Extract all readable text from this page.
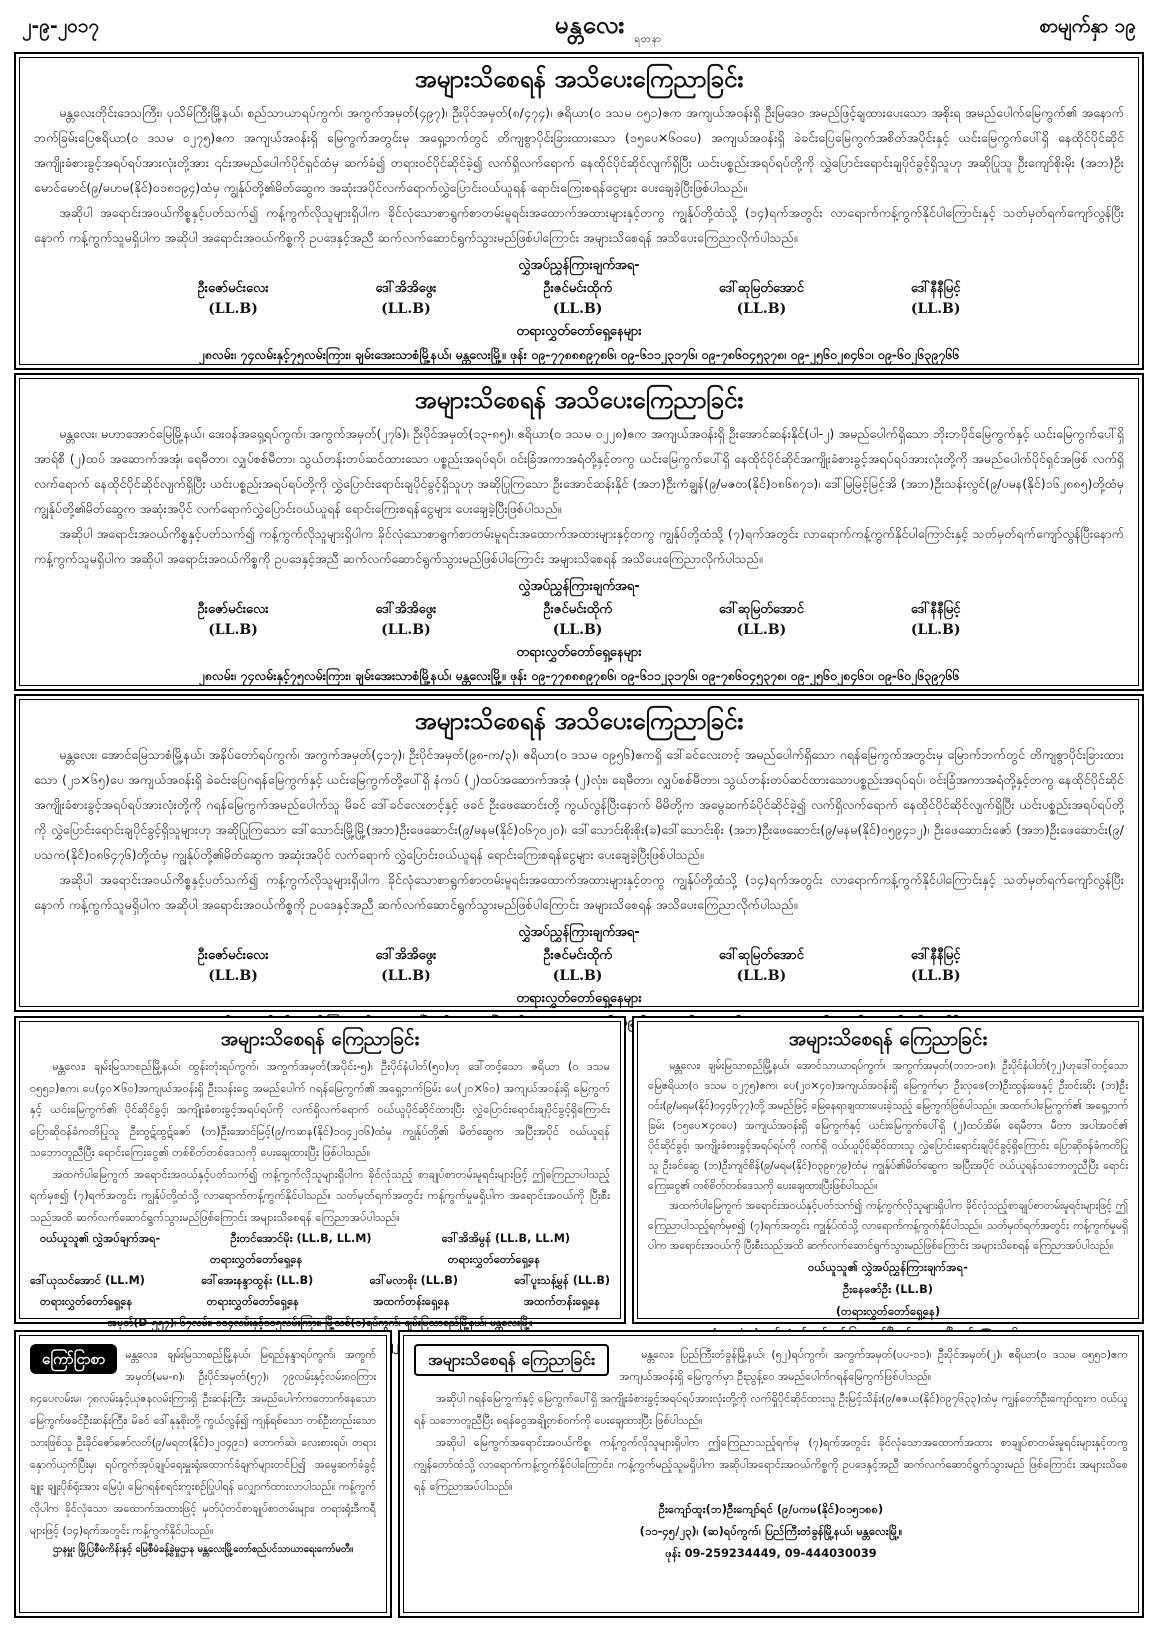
၂-၉-၂၀၁၇	မန္တလေး
ရတနာ
စာမျက်နှာ ၁၉
အများသိစေရန် အသိပေးကြေညာခြင်း

မန္တလေးတိုင်းဒေသကြီး၊ ပုသိမ်ကြီးမြို့နယ်၊ စည်သာယာရပ်ကွက်၊ အကွက်အမှတ်(၄၉၇)၊ ဦးပိုင်အမှတ်(၈/၄၇၄)၊ ဇရိယာ(၀ ဒသမ ၀၅၁)ဧက အကျယ်အဝန်းရှိ ဦးမြဒေဝ အမည်ဖြင့်ချထားပေးသော အစိုးရ အမည်ပေါက်မြေကွက်၏ အနောက်ဘက်ခြမ်းပြေဧရိယာ(၀ ဒသမ ၀၂၇၅)ဧက အကျယ်အဝန်းရှိ မြေကွက်အတွင်းမှ အရှေ့ဘက်တွင် တိကျစွာပိုင်းခြားထားသော (၁၅ပေ×၆၀ပေ) အကျယ်အဝန်းရှိ ခဲခင်းပြေမြေကွက်အစိတ်အပိုင်းနှင့် ယင်းမြေကွက်ပေါ်ရှိ နေထိုင်ပိုင်ဆိုင်အကျိုးခံစားခွင့်အရပ်ရပ်အားလုံးတို့အား ၎င်းအမည်ပေါက်ပိုင်ရှင်ထံမှ ဆက်ခံ၍ တရားဝင်ပိုင်ဆိုင်ခဲ့၍ လက်ရှိလက်ရောက် နေထိုင်ပိုင်ဆိုင်လျက်ရှိပြီး ယင်းပစ္စည်းအရပ်ရပ်တို့ကို လွှဲပြောင်းရောင်းချပိုင်ခွင့်ရှိသူဟု အဆိုပြုသူ ဦးကျော်စိုးမိုး (အဘ)ဦးမောင်မောင်(၉/မဟမ(နိုင်)၀၁၈၁၉၄)ထံမှ ကျွန်ုပ်တို့၏မိတ်ဆွေက အဆုံးအပိုင်လက်ရောက်လွှဲပြောင်းဝယ်ယူရန် ရောင်းကြေးစရန်ငွေများ ပေးချေခဲ့ပြီးဖြစ်ပါသည်။

အဆိုပါ အရောင်းအဝယ်ကိစ္စနှင့်ပတ်သက်၍ ကန့်ကွက်လိုသူများရှိပါက ခိုင်လုံသောစာရွက်စာတမ်းမူရင်းအထောက်အထားများနှင့်တကွ ကျွန်ုပ်တို့ထံသို့ (၁၄)ရက်အတွင်း လာရောက်ကန့်ကွက်နိုင်ပါကြောင်းနှင့် သတ်မှတ်ရက်ကျော်လွန်ပြီးနောက် ကန့်ကွက်သူမရှိပါက အဆိုပါ အရောင်းအဝယ်ကိစ္စကို ဥပဒေနှင့်အညီ ဆက်လက်ဆောင်ရွက်သွားမည်ဖြစ်ပါကြောင်း အများသိစေရန် အသိပေးကြေညာလိုက်ပါသည်။

လွှဲအပ်ညွှန်ကြားချက်အရ-
ဦးဇော်မင်းလေး
(LL.B)
ဒေါ်အိအိဖွေး
(LL.B)
ဦးဇင်မင်းထိုက်
(LL.B)
ဒေါ်ဆုမြတ်အောင်
(LL.B)
ဒေါ်နီနီမြင့်
(LL.B)
တရားလွှတ်တော်ရှေ့နေများ
၂၈လမ်း၊ ၇၄လမ်းနှင့်၇၅လမ်းကြား၊ ချမ်းအေးသာစံမြို့နယ်၊ မန္တလေးမြို့။ ဖုန်း ၀၉-၇၇၈၈၈၉၇၈၆၊ ၀၉-၆၁၁၂၃၁၇၆၊ ၀၉-၇၈၆၀၄၅၃၇၈၊ ၀၉-၂၅၆၀၂၈၄၆၁၊ ၀၉-၆၀၂၆၃၉၇၆၆
အများသိစေရန် အသိပေးကြေညာခြင်း

မန္တလေး၊ မဟာအောင်မြေမြို့နယ်၊ ဒေးဝန်အရှေ့ရပ်ကွက်၊ အကွက်အမှတ်(၂၇၆)၊ ဦးပိုင်အမှတ်(၁၃-၈၅)၊ ဧရိယာ(၀ ဒသမ ၀၂၂၈)ဧက အကျယ်အဝန်းရှိ ဦးအောင်ဆန်းနိုင်(ပါ-၂) အမည်ပေါက်ရှိသော ဘိုးဘပိုင်မြေကွက်နှင့် ယင်းမြေကွက်ပေါ်ရှိ အာရ်စီ (၂)ထပ် အဆောက်အအုံ၊ ရေမီတာ၊ လျှပ်စစ်မီတာ၊ သွယ်တန်းတပ်ဆင်ထားသော ပစ္စည်းအရပ်ရပ်၊ ဝင်းခြံအကာအရံတို့နှင့်တကွ ယင်းမြေကွက်ပေါ်ရှိ နေထိုင်ပိုင်ဆိုင်အကျိုးခံစားခွင့်အရပ်ရပ်အားလုံးတို့ကို အမည်ပေါက်ပိုင်ရှင်အဖြစ် လက်ရှိလက်ရောက် နေထိုင်ပိုင်ဆိုင်လျက်ရှိပြီး ယင်းပစ္စည်းအရပ်ရပ်တို့ကို လွှဲပြောင်းရောင်းချပိုင်ခွင့်ရှိသူဟု အဆိုပြုကြသော ဦးအောင်ဆန်းနိုင် (အဘ)ဦးကံချွန်(၉/မဇတ(နိုင်)၀၈၆၈၇၁)၊ ဒေါ်မြမြင့်မြင့်အိ (အဘ)ဦးသန်းလွင်(၉/ပမန(နိုင်)၁၆၂၈၈၅)တို့ထံမှ ကျွန်ုပ်တို့၏မိတ်ဆွေက အဆုံးအပိုင် လက်ရောက်လွှဲပြောင်းဝယ်ယူရန် ရောင်းကြေးစရန်ငွေများ ပေးချေခဲ့ပြီးဖြစ်ပါသည်။

အဆိုပါ အရောင်းအဝယ်ကိစ္စနှင့်ပတ်သက်၍ ကန့်ကွက်လိုသူများရှိပါက ခိုင်လုံသောစာရွက်စာတမ်းမူရင်းအထောက်အထားများနှင့်တကွ ကျွန်ုပ်တို့ထံသို့ (၇)ရက်အတွင်း လာရောက်ကန့်ကွက်နိုင်ပါကြောင်းနှင့် သတ်မှတ်ရက်ကျော်လွန်ပြီးနောက် ကန့်ကွက်သူမရှိပါက အဆိုပါ အရောင်းအဝယ်ကိစ္စကို ဥပဒေနှင့်အညီ ဆက်လက်ဆောင်ရွက်သွားမည်ဖြစ်ပါကြောင်း အများသိစေရန် အသိပေးကြေညာလိုက်ပါသည်။

လွှဲအပ်ညွှန်ကြားချက်အရ-
ဦးဇော်မင်းလေး
(LL.B)
ဒေါ်အိအိဖွေး
(LL.B)
ဦးဇင်မင်းထိုက်
(LL.B)
ဒေါ်ဆုမြတ်အောင်
(LL.B)
ဒေါ်နီနီမြင့်
(LL.B)
တရားလွှတ်တော်ရှေ့နေများ
၂၈လမ်း၊ ၇၄လမ်းနှင့်၇၅လမ်းကြား၊ ချမ်းအေးသာစံမြို့နယ်၊ မန္တလေးမြို့။ ဖုန်း ၀၉-၇၇၈၈၈၉၇၈၆၊ ၀၉-၆၁၁၂၃၁၇၆၊ ၀၉-၇၈၆၀၄၅၃၇၈၊ ၀၉-၂၅၆၀၂၈၄၆၁၊ ၀၉-၆၀၂၆၃၉၇၆၆
အများသိစေရန် အသိပေးကြေညာခြင်း

မန္တလေး၊ အောင်မြေသာစံမြို့နယ်၊ အနိပ်တော်ရပ်ကွက်၊ အကွက်အမှတ်(၄၁၇)၊ ဦးပိုင်အမှတ်(၉၈-က/၃)၊ ဧရိယာ(၀ ဒသမ ၀၉၅၆)ဧကရှိ ဒေါ်ခင်လေးတင့် အမည်ပေါက်ရှိသော ဂရန်မြေကွက်အတွင်းမှ မြောက်ဘက်တွင် တိကျစွာပိုင်းခြားထားသော (၂၁×၆၅)ပေ အကျယ်အဝန်းရှိ ခဲခင်းပြေဂရန်မြေကွက်နှင့် ယင်းမြေကွက်တို့ပေါ်ရှိ နံကပ် (၂)ထပ်အဆောက်အအုံ (၂)လုံး၊ ရေမီတာ၊ လျှပ်စစ်မီတာ၊ သွယ်တန်းတပ်ဆင်ထားသောပစ္စည်းအရပ်ရပ်၊ ဝင်းခြံအကာအရံတို့နှင့်တကွ နေထိုင်ပိုင်ဆိုင်အကျိုးခံစားခွင့်အရပ်ရပ်အားလုံးတို့ကို ဂရန်မြေကွက်အမည်ပေါက်သူ မိခင် ဒေါ်ခင်လေးတင့်နှင့် ဖခင် ဦးဖေဆောင်းတို့ ကွယ်လွန်ပြီးနောက် မိမိတို့က အမွေဆက်ခံပိုင်ဆိုင်ခဲ့၍ လက်ရှိလက်ရောက် နေထိုင်ပိုင်ဆိုင်လျက်ရှိပြီး ယင်းပစ္စည်းအရပ်ရပ်တို့ကို လွှဲပြောင်းရောင်းချပိုင်ခွင့်ရှိသူများဟု အဆိုပြုကြသော ဒေါ်သောင်းမြို့မြို့(အဘ)ဦးဖေဆောင်း(၉/မနမ(နိုင်)၀၆၇၀၂၀)၊ ဒေါ်သောင်းစိုးစိုး(ခ)ဒေါ်သောင်းစိုး (အဘ)ဦးဖေဆောင်း(၉/မနမ(နိုင်)၀၅၉၄၁၂)၊ ဦးဖေဆောင်းဇော် (အဘ)ဦးဖေဆောင်း(၉/ပသက(နိုင်)၀၈၆၄၇၆)တို့ထံမှ ကျွန်ုပ်တို့၏မိတ်ဆွေက အဆုံးအပိုင် လက်ရောက် လွှဲပြောင်းဝယ်ယူရန် ရောင်းကြေးစရန်ငွေများ ပေးချေခဲ့ပြီးဖြစ်ပါသည်။

အဆိုပါ အရောင်းအဝယ်ကိစ္စနှင့်ပတ်သက်၍ ကန့်ကွက်လိုသူများရှိပါက ခိုင်လုံသောစာရွက်စာတမ်းမူရင်းအထောက်အထားများနှင့်တကွ ကျွန်ုပ်တို့ထံသို့ (၁၄)ရက်အတွင်း လာရောက်ကန့်ကွက်နိုင်ပါကြောင်းနှင့် သတ်မှတ်ရက်ကျော်လွန်ပြီးနောက် ကန့်ကွက်သူမရှိပါက အဆိုပါ အရောင်းအဝယ်ကိစ္စကို ဥပဒေနှင့်အညီ ဆက်လက်ဆောင်ရွက်သွားမည်ဖြစ်ပါကြောင်း အများသိစေရန် အသိပေးကြေညာလိုက်ပါသည်။

လွှဲအပ်ညွှန်ကြားချက်အရ-
ဦးဇော်မင်းလေး
(LL.B)
ဒေါ်အိအိဖွေး
(LL.B)
ဦးဇင်မင်းထိုက်
(LL.B)
ဒေါ်ဆုမြတ်အောင်
(LL.B)
ဒေါ်နီနီမြင့်
(LL.B)
တရားလွှတ်တော်ရှေ့နေများ
အများသိစေရန် ကြေညာခြင်း

မန္တလေး၊ ချမ်းမြသာစည်မြို့နယ်၊ ထွန်းတုံးရပ်ကွက်၊ အကွက်အမှတ်(အပိုင်း-၅)၊ ဦးပိုင်နံပါတ်(၅၀)ဟု ဒေါ်တင့်သော ဇရိယာ (၀ ဒသမ ၀၅၅၁)ဧက၊ ပေ(၄၀×၆၀)အကျယ်အဝန်းရှိ ဦးသန်းငွေ အမည်ပေါက် ဂရန်မြေကွက်၏ အရှေ့ဘက်ခြမ်း ပေ(၂၀×၆၀) အကျယ်အဝန်းရှိ မြေကွက်နှင့် ယင်းမြေကွက်၏ ပိုင်ဆိုင်ခွင့်၊ အကျိုးခံစားခွင့်အရပ်ရပ်ကို လက်ရှိလက်ရောက် ဝယ်ယူပိုင်ဆိုင်ထားပြီး လွှဲပြောင်းရောင်းချပိုင်ခွင့်ရှိကြောင်း ပြောဆိုဝန်ခံကတိပြုသူ ဦးထွဋ်ထွဋ်ဇော် (ဘ)ဦးအောင်မြင့်(၉/ကဆန(နိုင်)၁၀၄၂၀၆)ထံမှ ကျွန်ုပ်တို့၏ မိတ်ဆွေက အပြီးအပိုင် ဝယ်ယူရန် သဘောတူညီပြီး ရောင်းကြေးငွေ၏ တစ်စိတ်တစ်ဒေသကို ပေးချေထားပြီး ဖြစ်ပါသည်။

အထက်ပါမြေကွက် အရောင်းအဝယ်နှင့်ပတ်သက်၍ ကန့်ကွက်လိုသူများရှိပါက ခိုင်လုံသည့် စာချုပ်စာတမ်းမူရင်းများဖြင့် ဤကြေညာပါသည့်ရက်မှစ၍ (၇)ရက်အတွင်း ကျွန်ုပ်တို့ထံသို့ လာရောက်ကန့်ကွက်နိုင်ပါသည်။ သတ်မှတ်ရက်အတွင်း ကန့်ကွက်မှုမရှိပါက အရောင်းအဝယ်ကို ပြီးစီးသည်အထိ ဆက်လက်ဆောင်ရွက်သွားမည်ဖြစ်ကြောင်း အများသိစေရန် ကြေညာအပ်ပါသည်။

ဝယ်ယူသူ၏ လွှဲအပ်ချက်အရ-	ဦးတင်အောင်မိုး (LL.B, LL.M)	ဒေါ်အိအိမွန် (LL.B, LL.M)
တရားလွှတ်တော်ရှေ့နေ	တရားလွှတ်တော်ရှေ့နေ
ဒေါ်ယုသင်အောင် (LL.M)	ဒေါ်အေးနန္ဒာထွန်း (LL.B)	ဒေါ်မလာစိုး (LL.B)	ဒေါ်ပူးသန့်မွန် (LL.B)
တရားလွှတ်တော်ရှေ့နေ	တရားလွှတ်တော်ရှေ့နေ	အထက်တန်းရှေ့နေ	အထက်တန်းရှေ့နေ
အမှတ်(D-၅၅၇)၊ ၆၇လမ်း၊ ၁၀၄လမ်းနှင့်၁၀၅လမ်းကြား၊ မြို့သစ်(၁)ရပ်ကွက်၊ ချမ်းမြသာစည်မြို့နယ်၊ မန္တလေးမြို့။
အများသိစေရန် ကြေညာခြင်း

မန္တလေး၊ ချမ်းမြသာစည်မြို့နယ်၊ အောင်သာယာရပ်ကွက်၊ အကွက်အမှတ်(ဘဘ-၁၈)၊ ဦးပိုင်နံပါတ်(၇၂)ဟုဒေါ်တင့်သော မြေဧရိယာ(၀ ဒသမ ၀၂၇၅)ဧက၊ ပေ(၂၀×၄၀)အကျယ်အဝန်းရှိ မြေကွက်မှာ ဦးလှဖေ(ဘ)ဦးထွန်းဖေနှင့် ဦးဝင်းဆိုး (ဘ)ဦးဝင်း(၉/မရမ(နိုင်)၀၄၄၆၇၇)တို့ အမည်ဖြင့် မြေနေရာချထားပေးခဲ့သည့် မြေကွက်ဖြစ်ပါသည်။ အထက်ပါမြေကွက်၏ အရှေ့ဘက်ခြမ်း (၁၅ပေ×၄၀ပေ) အကျယ်အဝန်းရှိ မြေကွက်နှင့် ယင်းမြေကွက်ပေါ်ရှိ (၂)ထပ်အိမ်၊ ရေမီတာ၊ မီတာ အပါအဝင်၏ ပိုင်ဆိုင်ခွင့်၊ အကျိုးခံစားခွင့်အရပ်ရပ်ကို လက်ရှိ ဝယ်ယူပိုင်ဆိုင်ထားသူ လွှဲပြောင်းရောင်းချပိုင်ခွင့်ရှိကြောင်း ပြောဆိုဝန်ခံကတိပြုသူ ဦးခင်ဆွေ (ဘ)ဦးကျင်စိန်(၉/မရမ(နိုင်)၀၃၉၈၇၉)ထံမှ ကျွန်ုပ်၏မိတ်ဆွေက အပြီးအပိုင် ဝယ်ယူရန်သဘောတူညီပြီး ရောင်းကြေးငွေ၏ တစ်စိတ်တစ်ဒေသကို ပေးချေထားပြီးဖြစ်ပါသည်။

အထက်ပါမြေကွက် အရောင်းအဝယ်နှင့်ပတ်သက်၍ ကန့်ကွက်လိုသူများရှိပါက ခိုင်လုံသည့်စာချုပ်စာတမ်းမူရင်းများဖြင့် ဤကြေညာပါသည့်ရက်မှစ၍ (၇)ရက်အတွင်း ကျွန်ုပ်ထံသို့ လာရောက်ကန့်ကွက်နိုင်ပါသည်။ သတ်မှတ်ရက်အတွင်း ကန့်ကွက်မှုမရှိပါက အရောင်းအဝယ်ကို ပြီးစီးသည်အထိ ဆက်လက်ဆောင်ရွက်သွားမည်ဖြစ်ကြောင်း အများသိစေရန် ကြေညာအပ်ပါသည်။

ဝယ်ယူသူ၏ လွှဲအပ်ညွှန်ကြားချက်အရ-
ဦးနေဇော်ဦး (LL.B)
(တရားလွှတ်တော်ရှေ့နေ)
ကြော်ငြာစာ	မန္တလေး၊ ချမ်းမြသာစည်မြို့နယ်၊ မြရည်နန္ဒာရပ်ကွက်၊ အကွက်အမှတ်(မမ-၈)၊ ဦးပိုင်အမှတ်(၅၇)၊ ၇၉လမ်းနှင့်လမ်း၈၀ကြား ၈၄ပေလမ်းမ၊ ၇၈လမ်းနှင့်ယုဇနလမ်းကြားရှိ ဦးဆန်းကြီး အမည်ပေါက်ကတောက်နေသောမြေကွက်ဖခင်ဦးဆန်းကြီး၊ မိခင် ဒေါ်နုနုစိုးတို့ ကွယ်လွန်၍ ကျန်ရစ်သော တစ်ဦးတည်းသော သားဖြစ်သူ ဦးခိုင်ဇော်ဇော်လတ်(၉/မရတ(နိုင်)၁၂၀၄၉၁) တောက်ဆဲ၊ လေးစားရပ်၊ တရားနှောက်ယှက်ပြီးမှ၊ ရပ်ကွက်အုပ်ချုပ်ရေးမှူးရုံးထောက်ခံချက်များတင်ပြ၍ အမွေဆက်ခံခွင့်ချူး ချူးပိုစ်ရုံးအား မြေပုံ၊ မြေဂရန်စရင်းကူးစဉ်ပြုပါရန် လျှောက်ထားလာပါသည်။ ကန့်ကွက်လိုပါက ခိုင်လုံသော အထောက်အထားဖြင့် မှတ်ပုံတင်စာချုပ်စာတမ်းများ၊ တရားရုံးဒီကရီများဖြင့် (၁၄)ရက်အတွင်း ကန့်ကွက်နိုင်ပါသည်။

ဌာနမှူး မြို့ပြစီမံကိန်းနှင့် မြေစီမံခန့်ခွဲမှုဌာန မန္တလေးမြို့တော်စည်ပင်သာယာရေးကော်မတီ။
အများသိစေရန် ကြေညာခြင်း	မန္တလေး၊ ပြည်ကြီးတံခွန်မြို့နယ်၊ (၅၂)ရပ်ကွက်၊ အကွက်အမှတ်(ပပ-၁၁)၊ ဦးပိုင်အမှတ်(၂)၊ ဧရိယာ(၀ ဒသမ ၀၅၅၁)ဧက အကျယ်အဝန်းရှိ မြေကွက်မှာ ဦးညွန့်ဝေ အမည်ပေါက်ဂရန်မြေကွက်ဖြစ်ပါသည်။

အဆိုပါ ဂရန်မြေကွက်နှင့် မြေကွက်ပေါ်ရှိ အကျိုးခံစားခွင့်အရပ်ရပ်အားလုံးတို့ကို လက်ရှိပိုင်ဆိုင်ထားသူ ဦးမြင့်သိန်း(၉/ဇဇယ(နိုင်)၀၉၇၆၃၃)ထံမှ ကျွန်တော်ဦးကျော်ထူးက ဝယ်ယူရန် သဘောတူညီပြီး စရန်ငွေအချို့တစ်ဝက်ကို ပေးချေထားပြီး ဖြစ်ပါသည်။

အဆိုပါ မြေကွက်အရောင်းအဝယ်ကိစ္စ၊ ကန့်ကွက်လိုသူများရှိပါက ဤကြေညာသည့်ရက်မှ (၇)ရက်အတွင်း ခိုင်လုံသောအထောက်အထား စာချုပ်စာတမ်းမူရင်းများနှင့်တကွ ကျွန်တော်ထံသို့ လာရောက်ကန့်ကွက်နိုင်ပါကြောင်း၊ ကန့်ကွက်မည့်သူမရှိပါက အဆိုပါအရောင်းအဝယ်ကိစ္စကို ဥပဒေနှင့်အညီ ဆက်လက်ဆောင်ရွက်သွားမည် ဖြစ်ကြောင်း အများသိစေရန် ကြေညာအပ်ပါသည်။

ဦးကျော်ထူး(ဘ)ဦးကျော်ရင် (၉/ပကမ(နိုင်)၀၁၅၁၈၈)
(၁၁-၄၅/၂၃)၊ (ဆ)ရပ်ကွက်၊ ပြည်ကြီးတံခွန်မြို့နယ်၊ မန္တလေးမြို့။
ဖုန်း 09-259234449, 09-444030039
